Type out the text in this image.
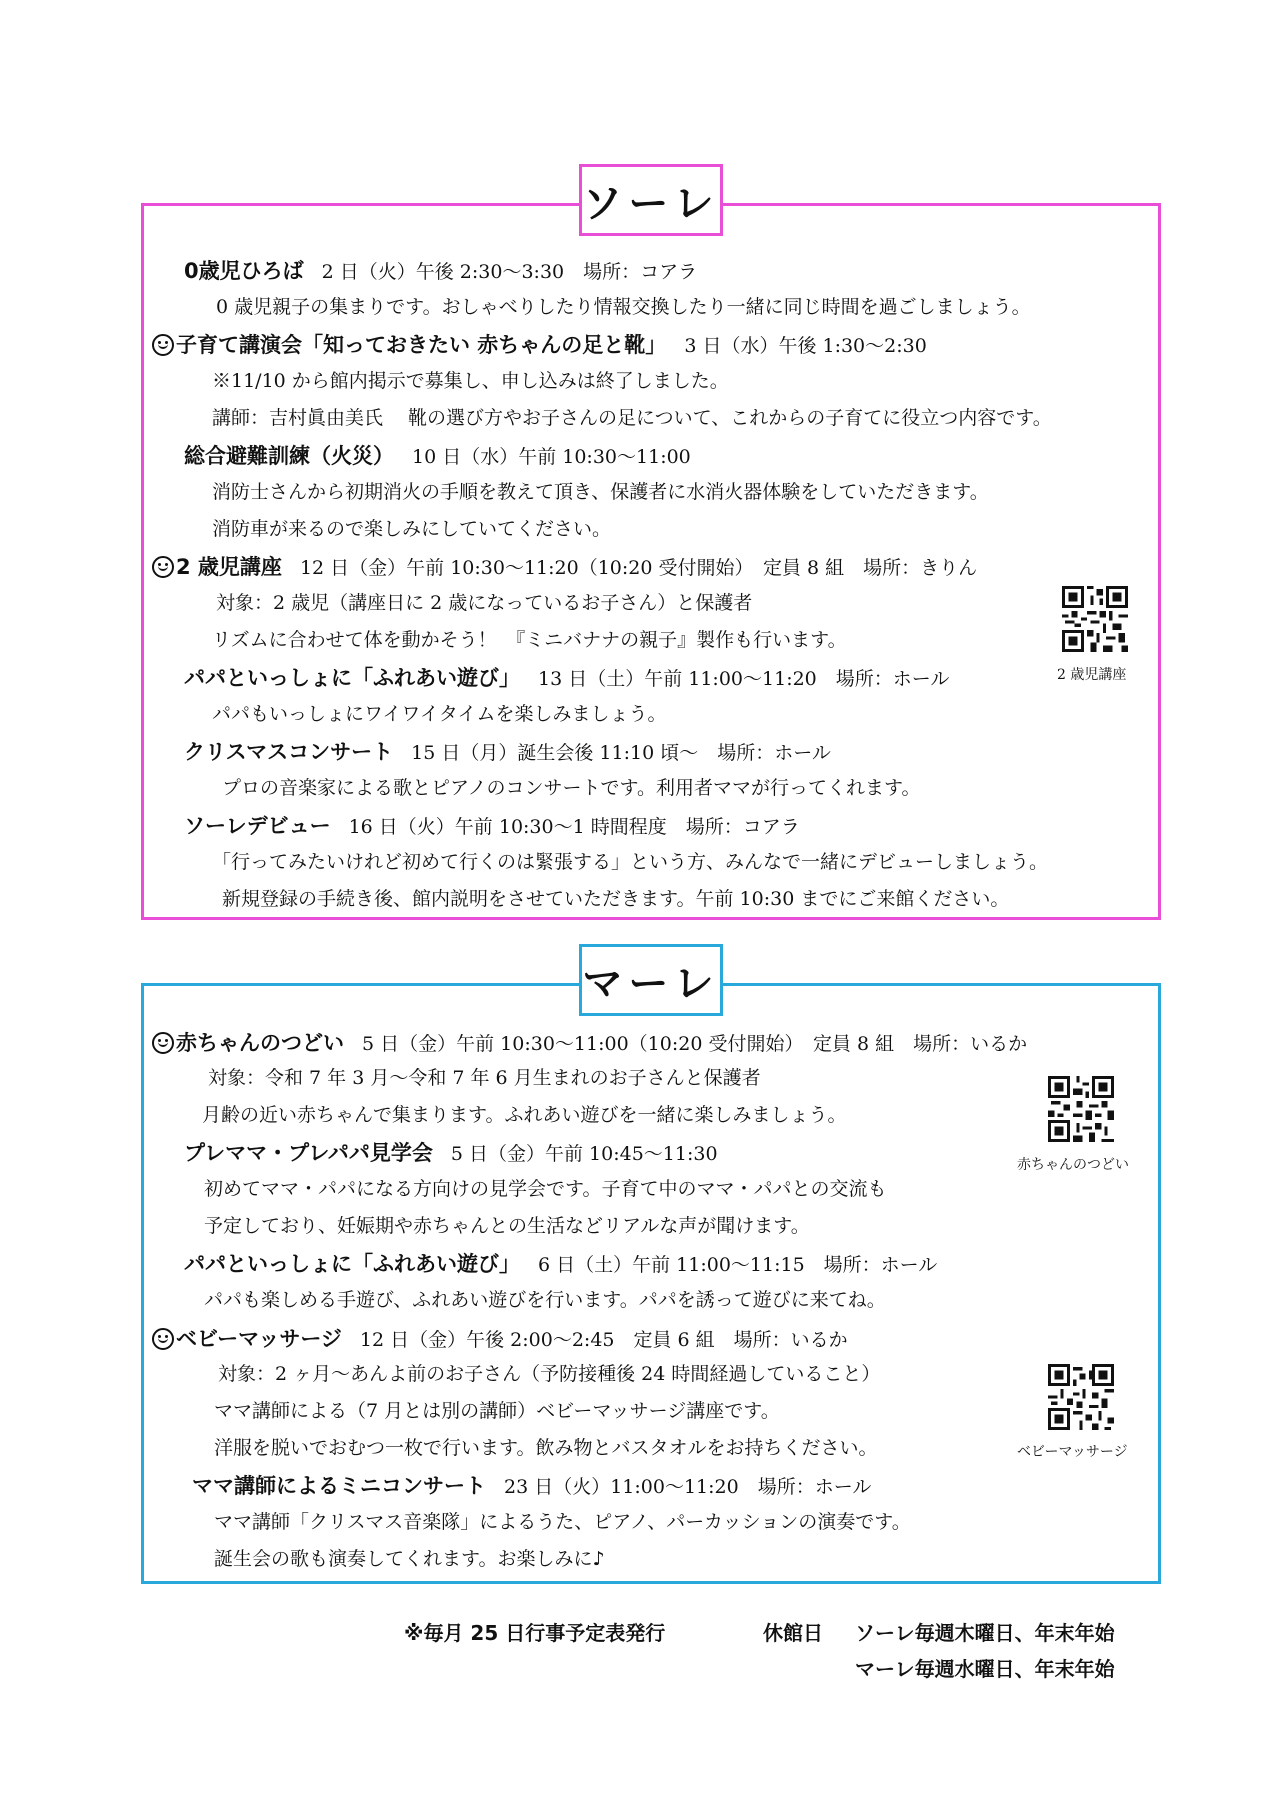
ソーレ
0歳児ひろば 2 日（火）午後 2:30～3:30　場所：コアラ
0 歳児親子の集まりです。おしゃべりしたり情報交換したり一緒に同じ時間を過ごしましょう。
子育て講演会「知っておきたい 赤ちゃんの足と靴」 3 日（水）午後 1:30～2:30
※11/10 から館内掲示で募集し、申し込みは終了しました。
講師：吉村眞由美氏　 靴の選び方やお子さんの足について、これからの子育てに役立つ内容です。
総合避難訓練（火災） 10 日（水）午前 10:30～11:00
消防士さんから初期消火の手順を教えて頂き、保護者に水消火器体験をしていただきます。
消防車が来るので楽しみにしていてください。
2 歳児講座 12 日（金）午前 10:30～11:20（10:20 受付開始）　定員 8 組　場所：きりん
対象：2 歳児（講座日に 2 歳になっているお子さん）と保護者
リズムに合わせて体を動かそう！　『ミニバナナの親子』製作も行います。
パパといっしょに「ふれあい遊び」 13 日（土）午前 11:00～11:20　場所：ホール
パパもいっしょにワイワイタイムを楽しみましょう。
クリスマスコンサート 15 日（月）誕生会後 11:10 頃～　場所：ホール
プロの音楽家による歌とピアノのコンサートです。利用者ママが行ってくれます。
ソーレデビュー 16 日（火）午前 10:30～1 時間程度　場所：コアラ
「行ってみたいけれど初めて行くのは緊張する」という方、みんなで一緒にデビューしましょう。
新規登録の手続き後、館内説明をさせていただきます。午前 10:30 までにご来館ください。
2 歳児講座
マーレ
赤ちゃんのつどい 5 日（金）午前 10:30～11:00（10:20 受付開始）　定員 8 組　場所：いるか
対象：令和 7 年 3 月～令和 7 年 6 月生まれのお子さんと保護者
月齢の近い赤ちゃんで集まります。ふれあい遊びを一緒に楽しみましょう。
プレママ・プレパパ見学会 5 日（金）午前 10:45～11:30
初めてママ・パパになる方向けの見学会です。子育て中のママ・パパとの交流も
予定しており、妊娠期や赤ちゃんとの生活などリアルな声が聞けます。
パパといっしょに「ふれあい遊び」 6 日（土）午前 11:00～11:15　場所：ホール
パパも楽しめる手遊び、ふれあい遊びを行います。パパを誘って遊びに来てね。
ベビーマッサージ 12 日（金）午後 2:00～2:45　定員 6 組　場所：いるか
対象：2 ヶ月～あんよ前のお子さん（予防接種後 24 時間経過していること）
ママ講師による（7 月とは別の講師）ベビーマッサージ講座です。
洋服を脱いでおむつ一枚で行います。飲み物とバスタオルをお持ちください。
ママ講師によるミニコンサート 23 日（火）11:00～11:20　場所：ホール
ママ講師「クリスマス音楽隊」によるうた、ピアノ、パーカッションの演奏です。
誕生会の歌も演奏してくれます。お楽しみに♪
赤ちゃんのつどい
ベビーマッサージ
※毎月 25 日行事予定表発行	休館日 ソーレ毎週木曜日、年末年始
マーレ毎週水曜日、年末年始
